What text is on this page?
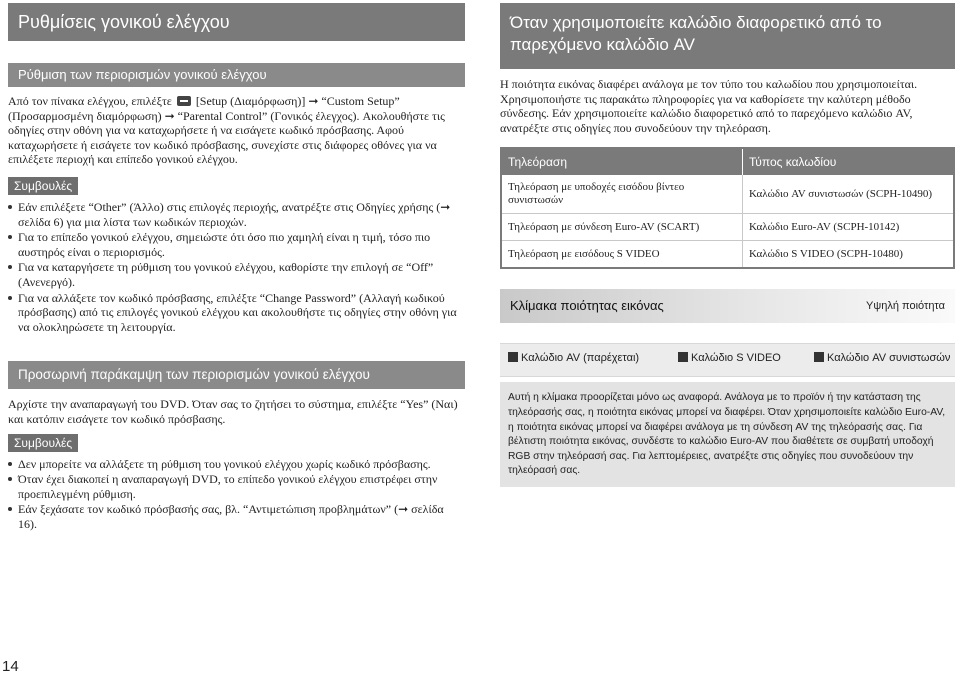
Ρυθμίσεις γονικού ελέγχου
Ρύθμιση των περιορισμών γονικού ελέγχου

Από τον πίνακα ελέγχου, επιλέξτε [Setup (Διαμόρφωση)] ➞ “Custom Setup” (Προσαρμοσμένη διαμόρφωση) ➞ “Parental Control” (Γονικός έλεγχος). Ακολουθήστε τις οδηγίες στην οθόνη για να καταχωρήσετε ή να εισάγετε κωδικό πρόσβασης. Αφού καταχωρήσετε ή εισάγετε τον κωδικό πρόσβασης, συνεχίστε στις διάφορες οθόνες για να επιλέξετε περιοχή και επίπεδο γονικού ελέγχου.

Συμβουλές
Εάν επιλέξετε “Other” (Άλλο) στις επιλογές περιοχής, ανατρέξτε στις Οδηγίες χρήσης (➞ σελίδα 6) για μια λίστα των κωδικών περιοχών.
Για το επίπεδο γονικού ελέγχου, σημειώστε ότι όσο πιο χαμηλή είναι η τιμή, τόσο πιο αυστηρός είναι ο περιορισμός.
Για να καταργήσετε τη ρύθμιση του γονικού ελέγχου, καθορίστε την επιλογή σε “Off” (Ανενεργό).
Για να αλλάξετε τον κωδικό πρόσβασης, επιλέξτε “Change Password” (Αλλαγή κωδικού πρόσβασης) από τις επιλογές γονικού ελέγχου και ακολουθήστε τις οδηγίες στην οθόνη για να ολοκληρώσετε τη λειτουργία.
Προσωρινή παράκαμψη των περιορισμών γονικού ελέγχου

Αρχίστε την αναπαραγωγή του DVD. Όταν σας το ζητήσει το σύστημα, επιλέξτε “Yes” (Ναι) και κατόπιν εισάγετε τον κωδικό πρόσβασης.

Συμβουλές
Δεν μπορείτε να αλλάξετε τη ρύθμιση του γονικού ελέγχου χωρίς κωδικό πρόσβασης.
Όταν έχει διακοπεί η αναπαραγωγή DVD, το επίπεδο γονικού ελέγχου επιστρέφει στην προεπιλεγμένη ρύθμιση.
Εάν ξεχάσατε τον κωδικό πρόσβασής σας, βλ. “Αντιμετώπιση προβλημάτων” (➞ σελίδα 16).
Όταν χρησιμοποιείτε καλώδιο διαφορετικό από το παρεχόμενο καλώδιο AV

Η ποιότητα εικόνας διαφέρει ανάλογα με τον τύπο του καλωδίου που χρησιμοποιείται. Χρησιμοποιήστε τις παρακάτω πληροφορίες για να καθορίσετε την καλύτερη μέθοδο σύνδεσης. Εάν χρησιμοποιείτε καλώδιο διαφορετικό από το παρεχόμενο καλώδιο AV, ανατρέξτε στις οδηγίες που συνοδεύουν την τηλεόραση.

Τηλεόραση	Τύπος καλωδίου
Τηλεόραση με υποδοχές εισόδου βίντεο συνιστωσών	Καλώδιο AV συνιστωσών (SCPH-10490)
Τηλεόραση με σύνδεση Euro-AV (SCART)	Καλώδιο Euro-AV (SCPH-10142)
Τηλεόραση με εισόδους S VIDEO	Καλώδιο S VIDEO (SCPH-10480)
Κλίμακα ποιότητας εικόνας	Υψηλή ποιότητα
Καλώδιο AV (παρέχεται)	Καλώδιο S VIDEO	Καλώδιο AV συνιστωσών
Αυτή η κλίμακα προορίζεται μόνο ως αναφορά. Ανάλογα με το προϊόν ή την κατάσταση της τηλεόρασής σας, η ποιότητα εικόνας μπορεί να διαφέρει. Όταν χρησιμοποιείτε καλώδιο Euro-AV, η ποιότητα εικόνας μπορεί να διαφέρει ανάλογα με τη σύνδεση AV της τηλεόρασής σας. Για βέλτιστη ποιότητα εικόνας, συνδέστε το καλώδιο Euro-AV που διαθέτετε σε συμβατή υποδοχή RGB στην τηλεόρασή σας. Για λεπτομέρειες, ανατρέξτε στις οδηγίες που συνοδεύουν την τηλεόρασή σας.
14
